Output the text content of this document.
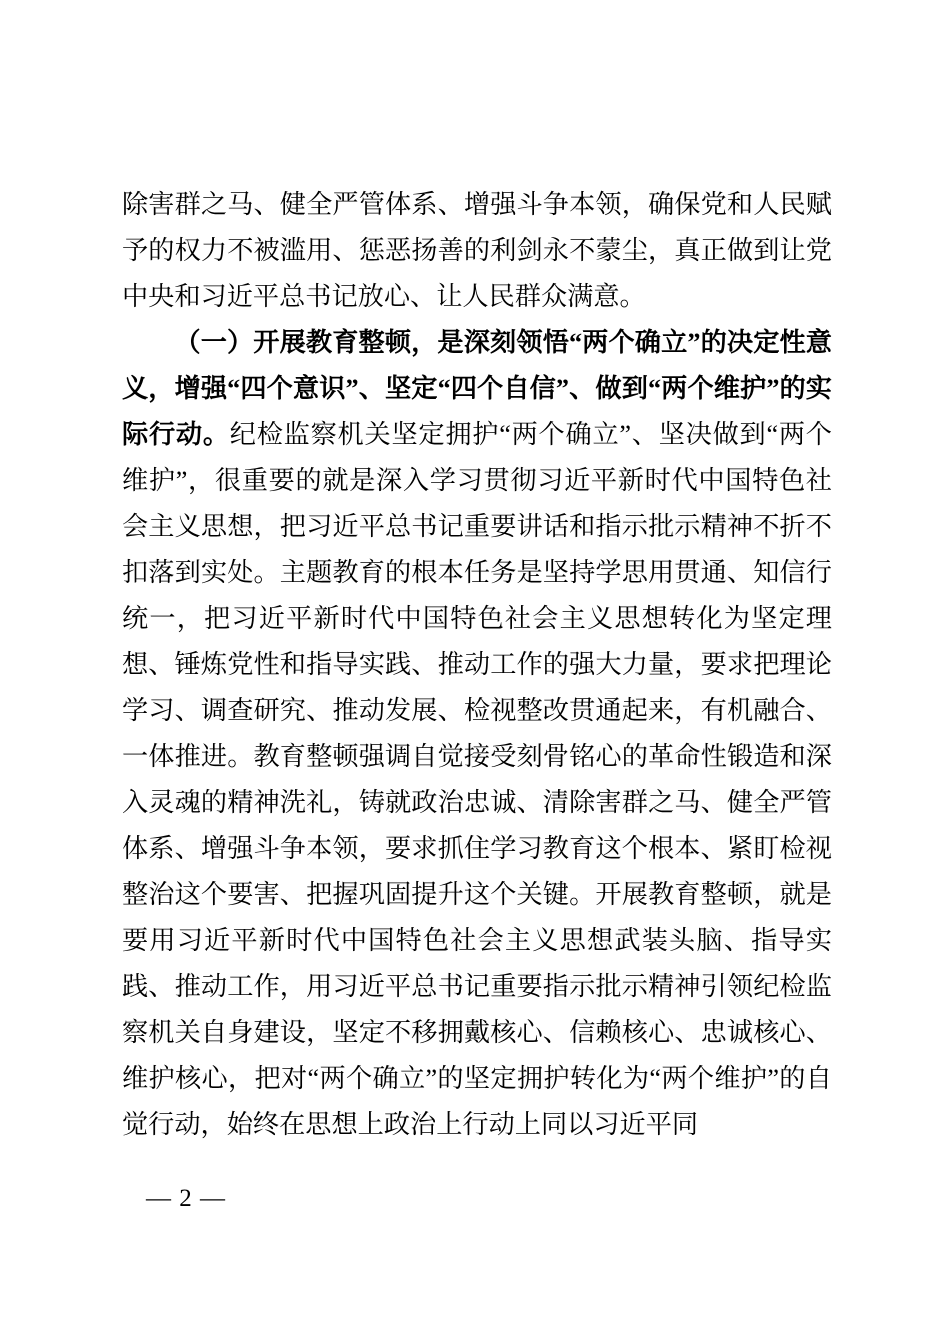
除害群之马、健全严管体系、增强斗争本领，确保党和人民赋予的权力不被滥用、惩恶扬善的利剑永不蒙尘，真正做到让党中央和习近平总书记放心、让人民群众满意。

（一）开展教育整顿，是深刻领悟“两个确立”的决定性意义，增强“四个意识”、坚定“四个自信”、做到“两个维护”的实际行动。纪检监察机关坚定拥护“两个确立”、坚决做到“两个维护”，很重要的就是深入学习贯彻习近平新时代中国特色社会主义思想，把习近平总书记重要讲话和指示批示精神不折不扣落到实处。主题教育的根本任务是坚持学思用贯通、知信行统一，把习近平新时代中国特色社会主义思想转化为坚定理想、锤炼党性和指导实践、推动工作的强大力量，要求把理论学习、调查研究、推动发展、检视整改贯通起来，有机融合、一体推进。教育整顿强调自觉接受刻骨铭心的革命性锻造和深入灵魂的精神洗礼，铸就政治忠诚、清除害群之马、健全严管体系、增强斗争本领，要求抓住学习教育这个根本、紧盯检视整治这个要害、把握巩固提升这个关键。开展教育整顿，就是要用习近平新时代中国特色社会主义思想武装头脑、指导实践、推动工作，用习近平总书记重要指示批示精神引领纪检监察机关自身建设，坚定不移拥戴核心、信赖核心、忠诚核心、维护核心，把对“两个确立”的坚定拥护转化为“两个维护”的自觉行动，始终在思想上政治上行动上同以习近平同

— 2 —
